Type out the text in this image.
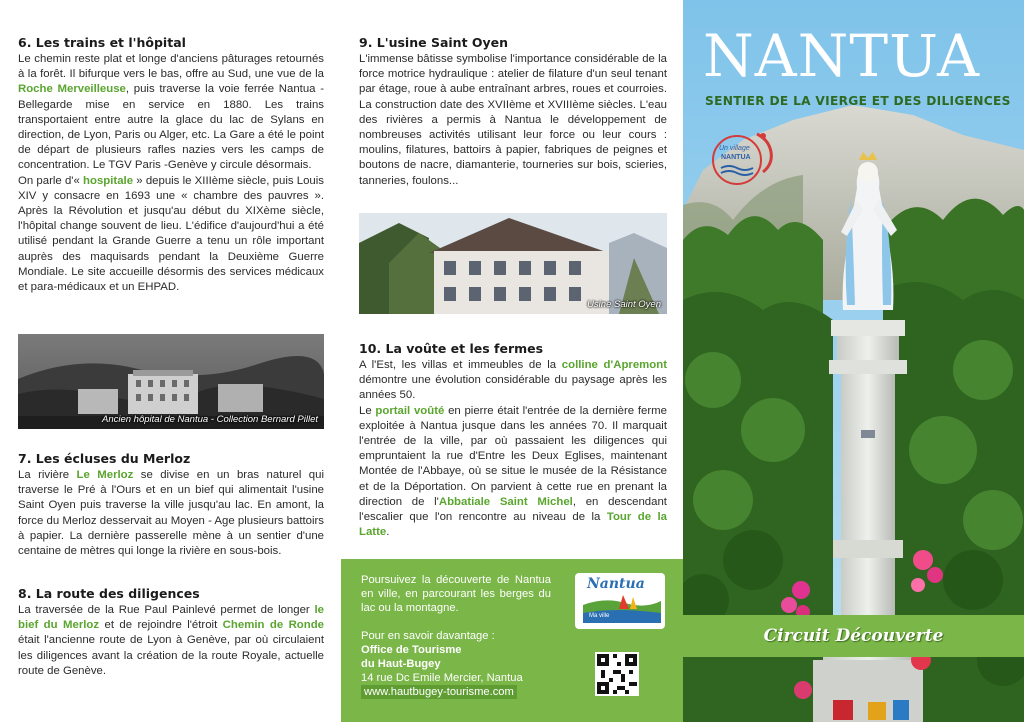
6. Les trains et l'hôpital

Le chemin reste plat et longe d'anciens pâturages retournés à la forêt. Il bifurque vers le bas, offre au Sud, une vue de la Roche Merveilleuse, puis traverse la voie ferrée Nantua - Bellegarde mise en service en 1880. Les trains transportaient entre autre la glace du lac de Sylans en direction, de Lyon, Paris ou Alger, etc. La Gare a été le point de départ de plusieurs rafles nazies vers les camps de concentration. Le TGV Paris -Genève y circule désormais.

On parle d'« hospitale » depuis le XIIIème siècle, puis Louis XIV y consacre en 1693 une « chambre des pauvres ». Après la Révolution et jusqu'au début du XIXème siècle, l'hôpital change souvent de lieu. L'édifice d'aujourd'hui a été utilisé pendant la Grande Guerre a tenu un rôle important auprès des maquisards pendant la Deuxième Guerre Mondiale. Le site accueille désormis des services médicaux et para-médicaux et un EHPAD.

Ancien hôpital de Nantua - Collection Bernard Pillet
7. Les écluses du Merloz

La rivière Le Merloz se divise en un bras naturel qui traverse le Pré à l'Ours et en un bief qui alimentait l'usine Saint Oyen puis traverse la ville jusqu'au lac. En amont, la force du Merloz desservait au Moyen - Age plusieurs battoirs à papier. La dernière passerelle mène à un sentier d'une centaine de mètres qui longe la rivière en sous-bois.

8. La route des diligences

La traversée de la Rue Paul Painlevé permet de longer le bief du Merloz et de rejoindre l'étroit Chemin de Ronde était l'ancienne route de Lyon à Genève, par où circulaient les diligences avant la création de la route Royale, actuelle route de Genève.

9. L'usine Saint Oyen

L'immense bâtisse symbolise l'importance considérable de la force motrice hydraulique : atelier de filature d'un seul tenant par étage, roue à aube entraînant arbres, roues et courroies. La construction date des XVIIème et XVIIIème siècles. L'eau des rivières a permis à Nantua le développement de nombreuses activités utilisant leur force ou leur cours : moulins, filatures, battoirs à papier, fabriques de peignes et boutons de nacre, diamanterie, tourneries sur bois, scieries, tanneries, foulons...

Usine Saint Oyen
10. La voûte et les fermes

A l'Est, les villas et immeubles de la colline d'Apremont démontre une évolution considérable du paysage après les années 50.

Le portail voûté en pierre était l'entrée de la dernière ferme exploitée à Nantua jusque dans les années 70. Il marquait l'entrée de la ville, par où passaient les diligences qui empruntaient la rue d'Entre les Deux Eglises, maintenant Montée de l'Abbaye, où se situe le musée de la Résistance et de la Déportation. On parvient à cette rue en prenant la direction de l'Abbatiale Saint Michel, en descendant l'escalier que l'on rencontre au niveau de la Tour de la Latte.

Poursuivez la découverte de Nantua en ville, en parcourant les berges du lac ou la montagne.

Pour en savoir davantage :

Office de Tourisme

du Haut-Bugey

14 rue Dc Emile Mercier, Nantua

www.hautbugey-tourisme.com

Nantua
Ma ville
Un village
NANTUA
NANTUA
SENTIER DE LA VIERGE ET DES DILIGENCES
Circuit Découverte
